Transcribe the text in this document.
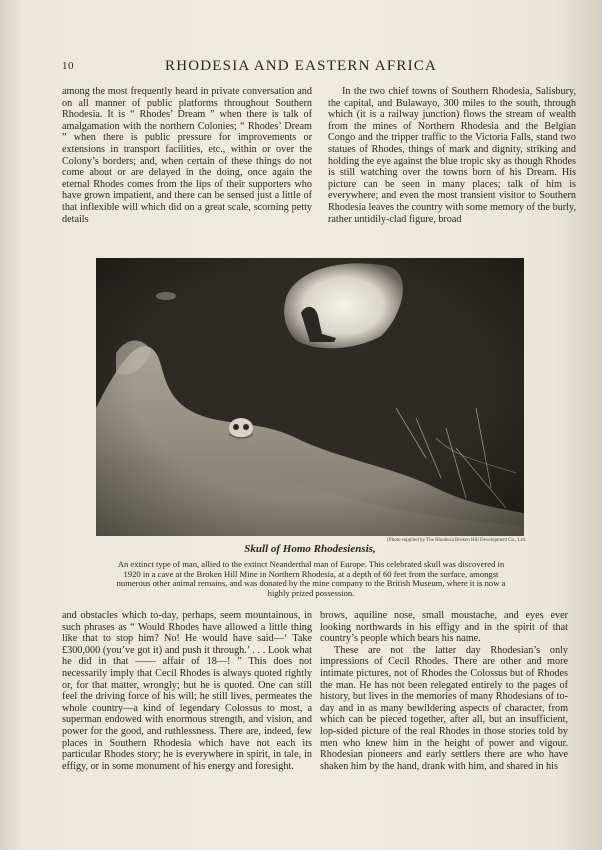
10	RHODESIA AND EASTERN AFRICA

among the most frequently heard in private conversation and on all manner of public platforms throughout Southern Rhodesia. It is “ Rhodes’ Dream ” when there is talk of amalgamation with the northern Colonies; “ Rhodes’ Dream ” when there is public pressure for improvements or extensions in transport facilities, etc., within or over the Colony’s borders; and, when certain of these things do not come about or are delayed in the doing, once again the eternal Rhodes comes from the lips of their supporters who have grown impatient, and there can be sensed just a little of that inflexible will which did on a great scale, scorning petty details

In the two chief towns of Southern Rhodesia, Salisbury, the capital, and Bulawayo, 300 miles to the south, through which (it is a railway junction) flows the stream of wealth from the mines of Northern Rhodesia and the Belgian Congo and the tripper traffic to the Victoria Falls, stand two statues of Rhodes, things of mark and dignity, striking and holding the eye against the blue tropic sky as though Rhodes is still watching over the towns born of his Dream. His picture can be seen in many places; talk of him is everywhere; and even the most transient visitor to Southern Rhodesia leaves the country with some memory of the burly, rather untidily-clad figure, broad

(Photo supplied by The Rhodesia Broken Hill Development Co., Ltd.
Skull of Homo Rhodesiensis,
An extinct type of man, allied to the extinct Neanderthal man of Europe. This celebrated skull was discovered in 1920 in a cave at the Broken Hill Mine in Northern Rhodesia, at a depth of 60 feet from the surface, amongst numerous other animal remains, and was donated by the mine company to the British Museum, where it is now a highly prized possession.

and obstacles which to-day, perhaps, seem mountainous, in such phrases as “ Would Rhodes have allowed a little thing like that to stop him? No! He would have said—‘ Take £300,000 (you’ve got it) and push it through.’ . . . Look what he did in that —— affair of 18—! ” This does not necessarily imply that Cecil Rhodes is always quoted rightly or, for that matter, wrongly; but he is quoted. One can still feel the driving force of his will; he still lives, permeates the whole country—a kind of legendary Colossus to most, a superman endowed with enormous strength, and vision, and power for the good, and ruthlessness. There are, indeed, few places in Southern Rhodesia which have not each its particular Rhodes story; he is everywhere in spirit, in tale, in effigy, or in some monument of his energy and foresight.

brows, aquiline nose, small moustache, and eyes ever looking northwards in his effigy and in the spirit of that country’s people which bears his name.

These are not the latter day Rhodesian’s only impressions of Cecil Rhodes. There are other and more intimate pictures, not of Rhodes the Colossus but of Rhodes the man. He has not been relegated entirely to the pages of history, but lives in the memories of many Rhodesians of to-day and in as many bewildering aspects of character, from which can be pieced together, after all, but an insufficient, lop-sided picture of the real Rhodes in those stories told by men who knew him in the height of power and vigour. Rhodesian pioneers and early settlers there are who have shaken him by the hand, drank with him, and shared in his
